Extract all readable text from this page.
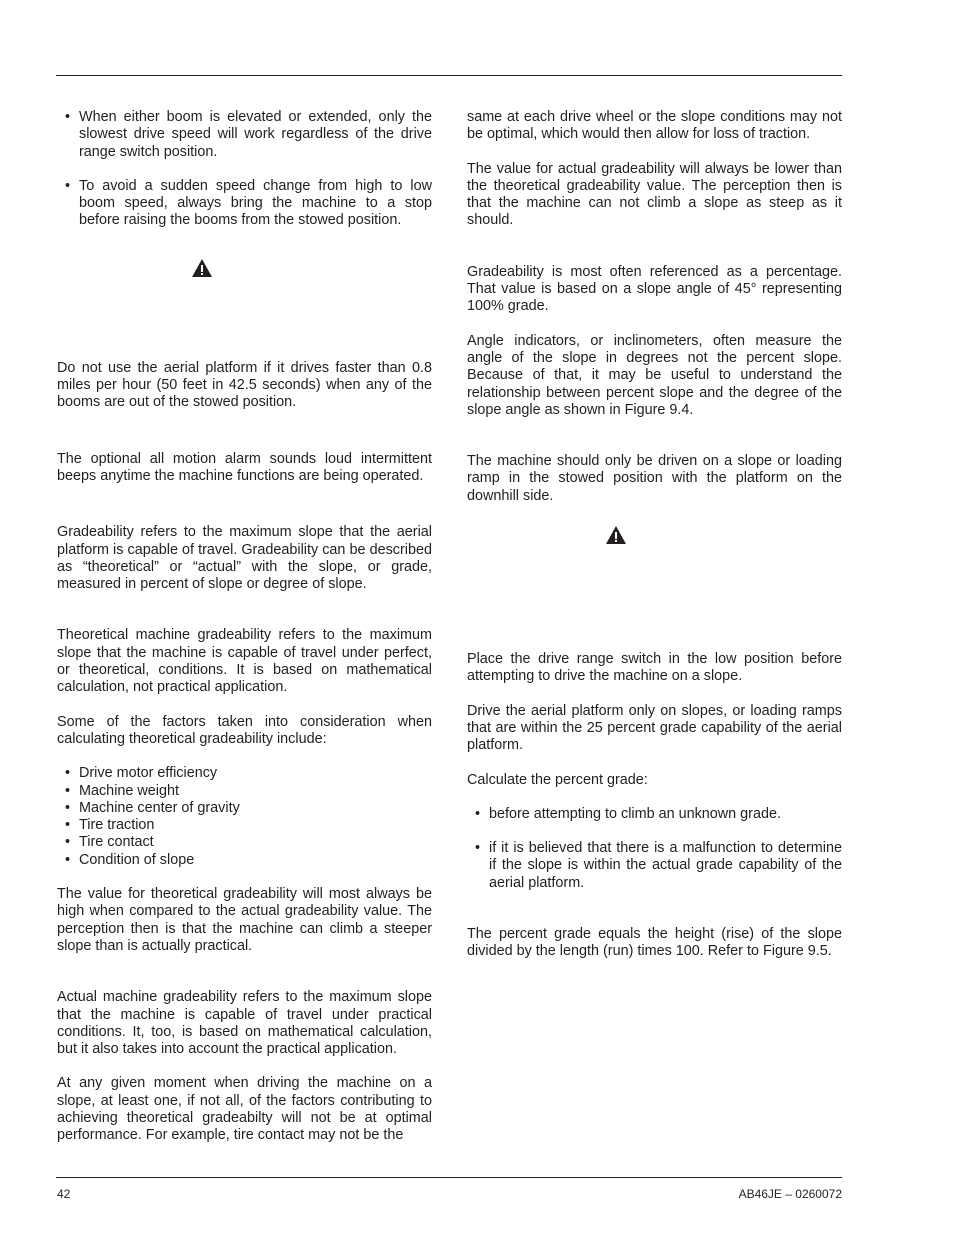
• When either boom is elevated or extended, only the slowest drive speed will work regardless of the drive range switch position.
• To avoid a sudden speed change from high to low boom speed, always bring the machine to a stop before raising the booms from the stowed position.

Do not use the aerial platform if it drives faster than 0.8 miles per hour (50 feet in 42.5 seconds) when any of the booms are out of the stowed position.

The optional all motion alarm sounds loud intermittent beeps anytime the machine functions are being operated.

Gradeability refers to the maximum slope that the aerial platform is capable of travel. Gradeability can be described as “theoretical” or “actual” with the slope, or grade, measured in percent of slope or degree of slope.

Theoretical machine gradeability refers to the maximum slope that the machine is capable of travel under perfect, or theoretical, conditions. It is based on mathematical calculation, not practical application.

Some of the factors taken into consideration when calculating theoretical gradeability include:

• Drive motor efficiency
• Machine weight
• Machine center of gravity
• Tire traction
• Tire contact
• Condition of slope

The value for theoretical gradeability will most always be high when compared to the actual gradeability value. The perception then is that the machine can climb a steeper slope than is actually practical.

Actual machine gradeability refers to the maximum slope that the machine is capable of travel under practical conditions. It, too, is based on mathematical calculation, but it also takes into account the practical application.

At any given moment when driving the machine on a slope, at least one, if not all, of the factors contributing to achieving theoretical gradeabilty will not be at optimal performance. For example, tire contact may not be the

same at each drive wheel or the slope conditions may not be optimal, which would then allow for loss of traction.

The value for actual gradeability will always be lower than the theoretical gradeability value. The perception then is that the machine can not climb a slope as steep as it should.

Gradeability is most often referenced as a percentage. That value is based on a slope angle of 45° representing 100% grade.

Angle indicators, or inclinometers, often measure the angle of the slope in degrees not the percent slope. Because of that, it may be useful to understand the relationship between percent slope and the degree of the slope angle as shown in Figure 9.4.

The machine should only be driven on a slope or loading ramp in the stowed position with the platform on the downhill side.

Place the drive range switch in the low position before attempting to drive the machine on a slope.

Drive the aerial platform only on slopes, or loading ramps that are within the 25 percent grade capability of the aerial platform.

Calculate the percent grade:

• before attempting to climb an unknown grade.
• if it is believed that there is a malfunction to determine if the slope is within the actual grade capability of the aerial platform.

The percent grade equals the height (rise) of the slope divided by the length (run) times 100. Refer to Figure 9.5.

42	AB46JE – 0260072
